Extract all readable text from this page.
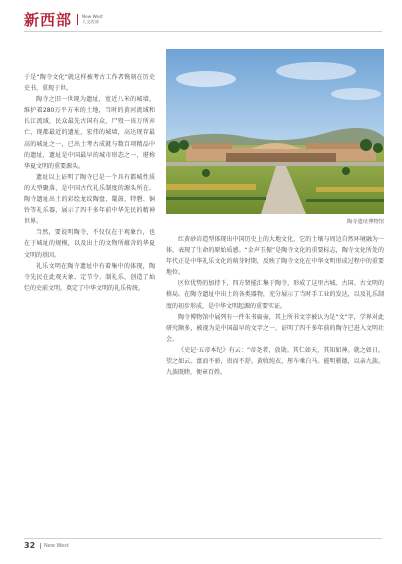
新西部	New West
人文西部

于是“陶寺文化”就这样被考古工作者镌刻在历史史书，重现于世。

陶寺之旧一世现为遗址，宽近八米的城墙，维护着280万平方米的土地，当时的黄河流域和长江流域，民众最先古国有众，尸殁一该万所弃亡，现都最近的遗址，宏伟的城墙，高达现存最高的城址之一，已出土考古成就与数百项精品中的遗址，遗址是中国最早的城市形态之一，堪称华夏文明的重要源头。

遗址以上证明了陶寺已是一个具有都城性质的大型聚落，是中国古代礼乐制度的源头所在。陶寺遗址出土的彩绘龙纹陶盘、鼍鼓、特磬、铜铃等礼乐器，展示了四千多年前中华先民的精神世界。

当然，要说明陶寺，不仅仅在于观象台，也在于城址的规模，以及出土的文物所蕴含的华夏文明的基因。

礼乐文明在陶寺遗址中有着集中的体现，陶寺先民在此观天象、定节令、制礼乐，创造了灿烂的史前文明，奠定了中华文明的礼乐传统。

陶寺遗址博物馆

红黄砂岩造型体现出中国历史上的大地文化，它的土壤与周边自然环境融为一体，表现了生命的原始质感。“金声玉振”是陶寺文化的重要标志，陶寺文化所处的年代正是中华礼乐文化的萌芽时期，反映了陶寺文化在中华文明形成过程中的重要地位。

区位优势的加持下，四方贤能汇集于陶寺，形成了这里古城、古国、古文明的格局。在陶寺遗址中出土的各类器物，充分展示了当时手工业的发达，以及礼乐制度的初步形成，是中华文明起源的重要实证。

陶寺博物馆中展列有一件朱书扁壶，其上所书文字被认为是“文”字，学界对此研究颇多，被视为是中国最早的文字之一，证明了四千多年前的陶寺已进入文明社会。

《史记·五帝本纪》有云：“帝尧者，放勋。其仁如天，其知如神。就之如日，望之如云。富而不骄，贵而不舒。黄收纯衣，彤车乘白马。能明驯德，以亲九族。九族既睦，便章百姓。

32	New West
